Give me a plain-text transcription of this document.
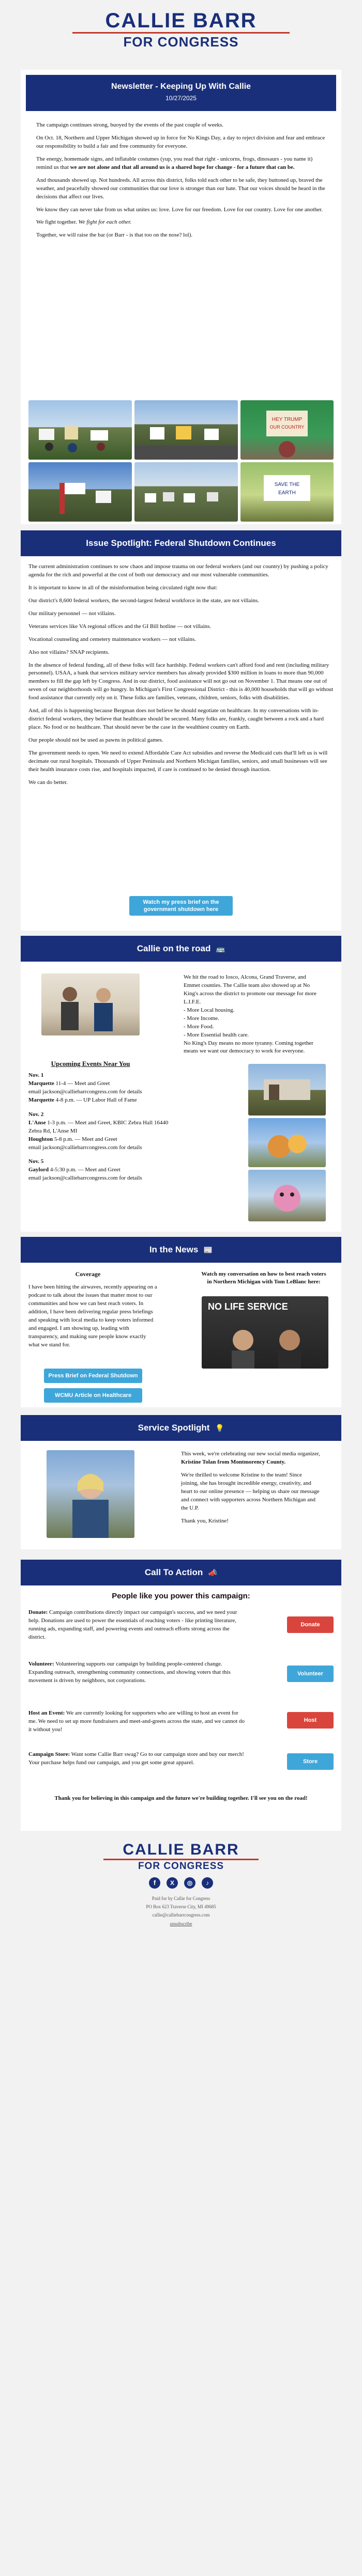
CALLIE BARR
FOR CONGRESS
Newsletter - Keeping Up With Callie
10/27/2025

The campaign continues strong, buoyed by the events of the past couple of weeks.

On Oct. 18, Northern and Upper Michigan showed up in force for No Kings Day, a day to reject division and fear and embrace our responsibility to build a fair and free community for everyone.

The energy, homemade signs, and inflatable costumes (yup, you read that right - unicorns, frogs, dinosaurs - you name it) remind us that we are not alone and that all around us is a shared hope for change - for a future that can be.

And thousands showed up. Not hundreds. All across this district, folks told each other to be safe, they buttoned up, braved the weather, and peacefully showed our communities that our love is stronger than our hate. That our voices should be heard in the decisions that affect our lives.

We know they can never take from us what unites us: love. Love for our freedom. Love for our country. Love for one another.

We fight together. We fight for each other.

Together, we will raise the bar (or Barr - is that too on the nose? lol).

HEY TRUMP
OUR COUNTRY
SAVE THE
EARTH
Issue Spotlight: Federal Shutdown Continues

The current administration continues to sow chaos and impose trauma on our federal workers (and our country) by pushing a policy agenda for the rich and powerful at the cost of both our democracy and our most vulnerable communities.

It is important to know in all of the misinformation being circulated right now that:

Our district's 8,600 federal workers, the second-largest federal workforce in the state, are not villains.

Our military personnel — not villains.

Veterans services like VA regional offices and the GI Bill hotline — not villains.

Vocational counseling and cemetery maintenance workers — not villains.

Also not villains? SNAP recipients.

In the absence of federal funding, all of these folks will face hardship. Federal workers can't afford food and rent (including military personnel). USAA, a bank that services military service members has already provided $300 million in loans to more than 90,000 members to fill the gap left by Congress. And in our district, food assistance will not go out on November 1. That means one out of seven of our neighborhoods will go hungry. In Michigan's First Congressional District - this is 40,000 households that will go without food assistance that currently rely on it. These folks are families, veterans, children, seniors, folks with disabilities.

And, all of this is happening because Bergman does not believe he should negotiate on healthcare. In my conversations with in-district federal workers, they believe that healthcare should be secured. Many folks are, frankly, caught between a rock and a hard place. No food or no healthcare. That should never be the case in the wealthiest country on Earth.

Our people should not be used as pawns in political games.

The government needs to open. We need to extend Affordable Care Act subsidies and reverse the Medicaid cuts that'll left us is will decimate our rural hospitals. Thousands of Upper Peninsula and Northern Michigan families, seniors, and small businesses will see their health insurance costs rise, and hospitals impacted, if care is continued to be denied through inaction.

We can do better.

Watch my press brief on the government shutdown here
Callie on the road 🚌
We hit the road to Iosco, Alcona, Grand Traverse, and Emmet counties. The Callie team also showed up at No King's across the district to promote our message for more L.I.F.E.
- More Local housing.
- More Income.
- More Food.
- More Essential health care.
No King's Day means no more tyranny. Coming together means we want our democracy to work for everyone.
Upcoming Events Near You
Nov. 1
Marquette 11-4 — Meet and Greet
email jackson@calliebarrcongress.com for details
Marquette 4-8 p.m. — UP Labor Hall of Fame
Nov. 2
L'Anse 1-3 p.m. — Meet and Greet, KBIC Zebra Hall 16440 Zebra Rd, L'Anse MI
Houghton 5-8 p.m. — Meet and Greet
email jackson@calliebarrcongress.com for details
Nov. 5
Gaylord 4-5:30 p.m. — Meet and Greet
email jackson@calliebarrcongress.com for details
In the News 📰
Coverage
I have been hitting the airwaves, recently appearing on a podcast to talk about the issues that matter most to our communities and how we can best reach voters. In addition, I have been delivering regular press briefings and speaking with local media to keep voters informed and engaged. I am showing up, leading with transparency, and making sure people know exactly what we stand for.
Press Brief on Federal Shutdown
WCMU Article on Healthcare
Watch my conversation on how to best reach voters in Northern Michigan with Tom LeBlanc here:
NO LIFE SERVICE
Service Spotlight 💡

This week, we're celebrating our new social media organizer, Kristine Tolan from Montmorency County.

We're thrilled to welcome Kristine to the team! Since joining, she has brought incredible energy, creativity, and heart to our online presence — helping us share our message and connect with supporters across Northern Michigan and the U.P.

Thank you, Kristine!

Call To Action 📣
People like you power this campaign:
Donate: Campaign contributions directly impact our campaign's success, and we need your help. Donations are used to power the essentials of reaching voters - like printing literature, running ads, expanding staff, and powering events and outreach efforts strong across the district.
Donate
Volunteer: Volunteering supports our campaign by building people-centered change. Expanding outreach, strengthening community connections, and showing voters that this movement is driven by neighbors, not corporations.
Volunteer
Host an Event: We are currently looking for supporters who are willing to host an event for me. We need to set up more fundraisers and meet-and-greets across the state, and we cannot do it without you!
Host
Campaign Store: Want some Callie Barr swag? Go to our campaign store and buy our merch! Your purchase helps fund our campaign, and you get some great apparel.	Store
Thank you for believing in this campaign and the future we're building together. I'll see you on the road!
CALLIE BARR
FOR CONGRESS
f X ◎ ♪
Paid for by Callie for Congress
PO Box 623 Traverse City, MI 49685
callie@calliebarrcongress.com
unsubscribe
